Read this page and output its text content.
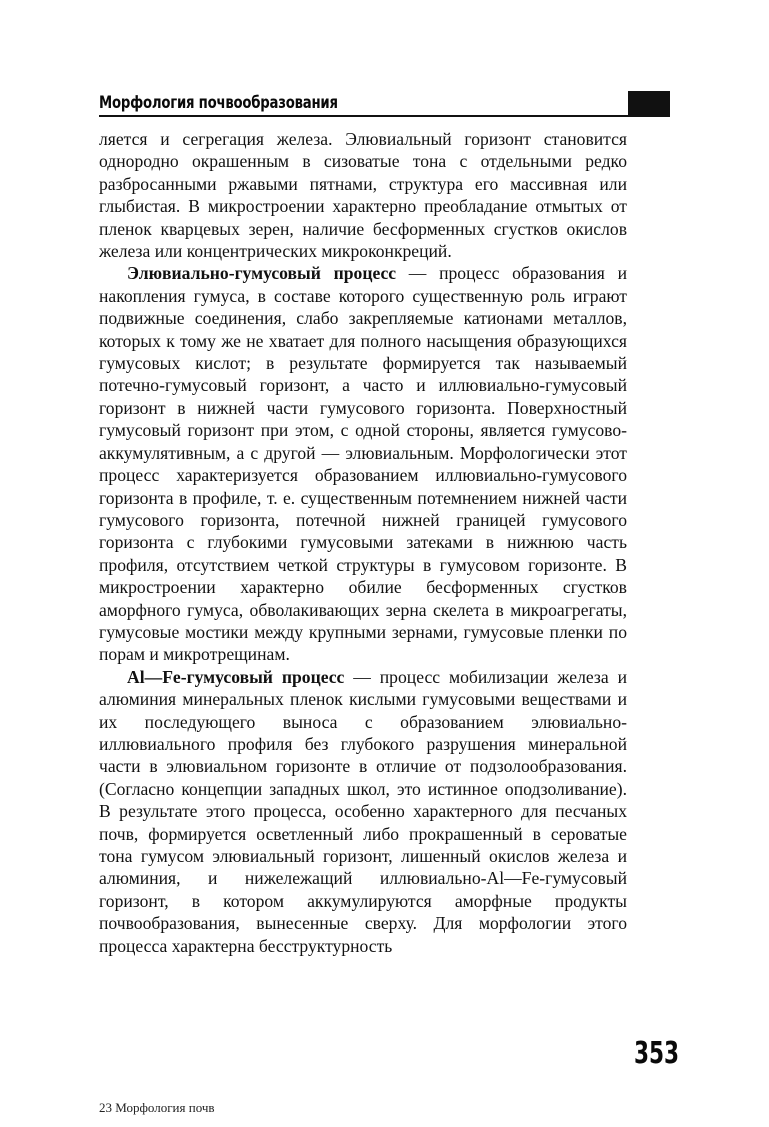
Морфология почвообразования

ляется и сегрегация железа. Элювиальный горизонт становится однородно окрашенным в сизоватые тона с отдельными редко разбросанными ржавыми пятнами, структура его массивная или глыбистая. В микростроении характерно преобладание отмытых от пленок кварцевых зерен, наличие бесформенных сгустков окислов железа или концентрических микроконкреций.

Элювиально-гумусовый процесс — процесс образования и накопления гумуса, в составе которого существенную роль играют подвижные соединения, слабо закрепляемые катионами металлов, которых к тому же не хватает для полного насыщения образующихся гумусовых кислот; в результате формируется так называемый потечно-гумусовый горизонт, а часто и иллювиально-гумусовый горизонт в нижней части гумусового горизонта. Поверхностный гумусовый горизонт при этом, с одной стороны, является гумусово-аккумулятивным, а с другой — элювиальным. Морфологически этот процесс характеризуется образованием иллювиально-гумусового горизонта в профиле, т. е. существенным потемнением нижней части гумусового горизонта, потечной нижней границей гумусового горизонта с глубокими гумусовыми затеками в нижнюю часть профиля, отсутствием четкой структуры в гумусовом горизонте. В микростроении характерно обилие бесформенных сгустков аморфного гумуса, обволакивающих зерна скелета в микроагрегаты, гумусовые мостики между крупными зернами, гумусовые пленки по порам и микротрещинам.

Al—Fe-гумусовый процесс — процесс мобилизации железа и алюминия минеральных пленок кислыми гумусовыми веществами и их последующего выноса с образованием элювиально-иллювиального профиля без глубокого разрушения минеральной части в элювиальном горизонте в отличие от подзолообразования. (Согласно концепции западных школ, это истинное оподзоливание). В результате этого процесса, особенно характерного для песчаных почв, формируется осветленный либо прокрашенный в сероватые тона гумусом элювиальный горизонт, лишенный окислов железа и алюминия, и нижележащий иллювиально-Al—Fe-гумусовый горизонт, в котором аккумулируются аморфные продукты почвообразования, вынесенные сверху. Для морфологии этого процесса характерна бесструктурность

353
23 Морфология почв
